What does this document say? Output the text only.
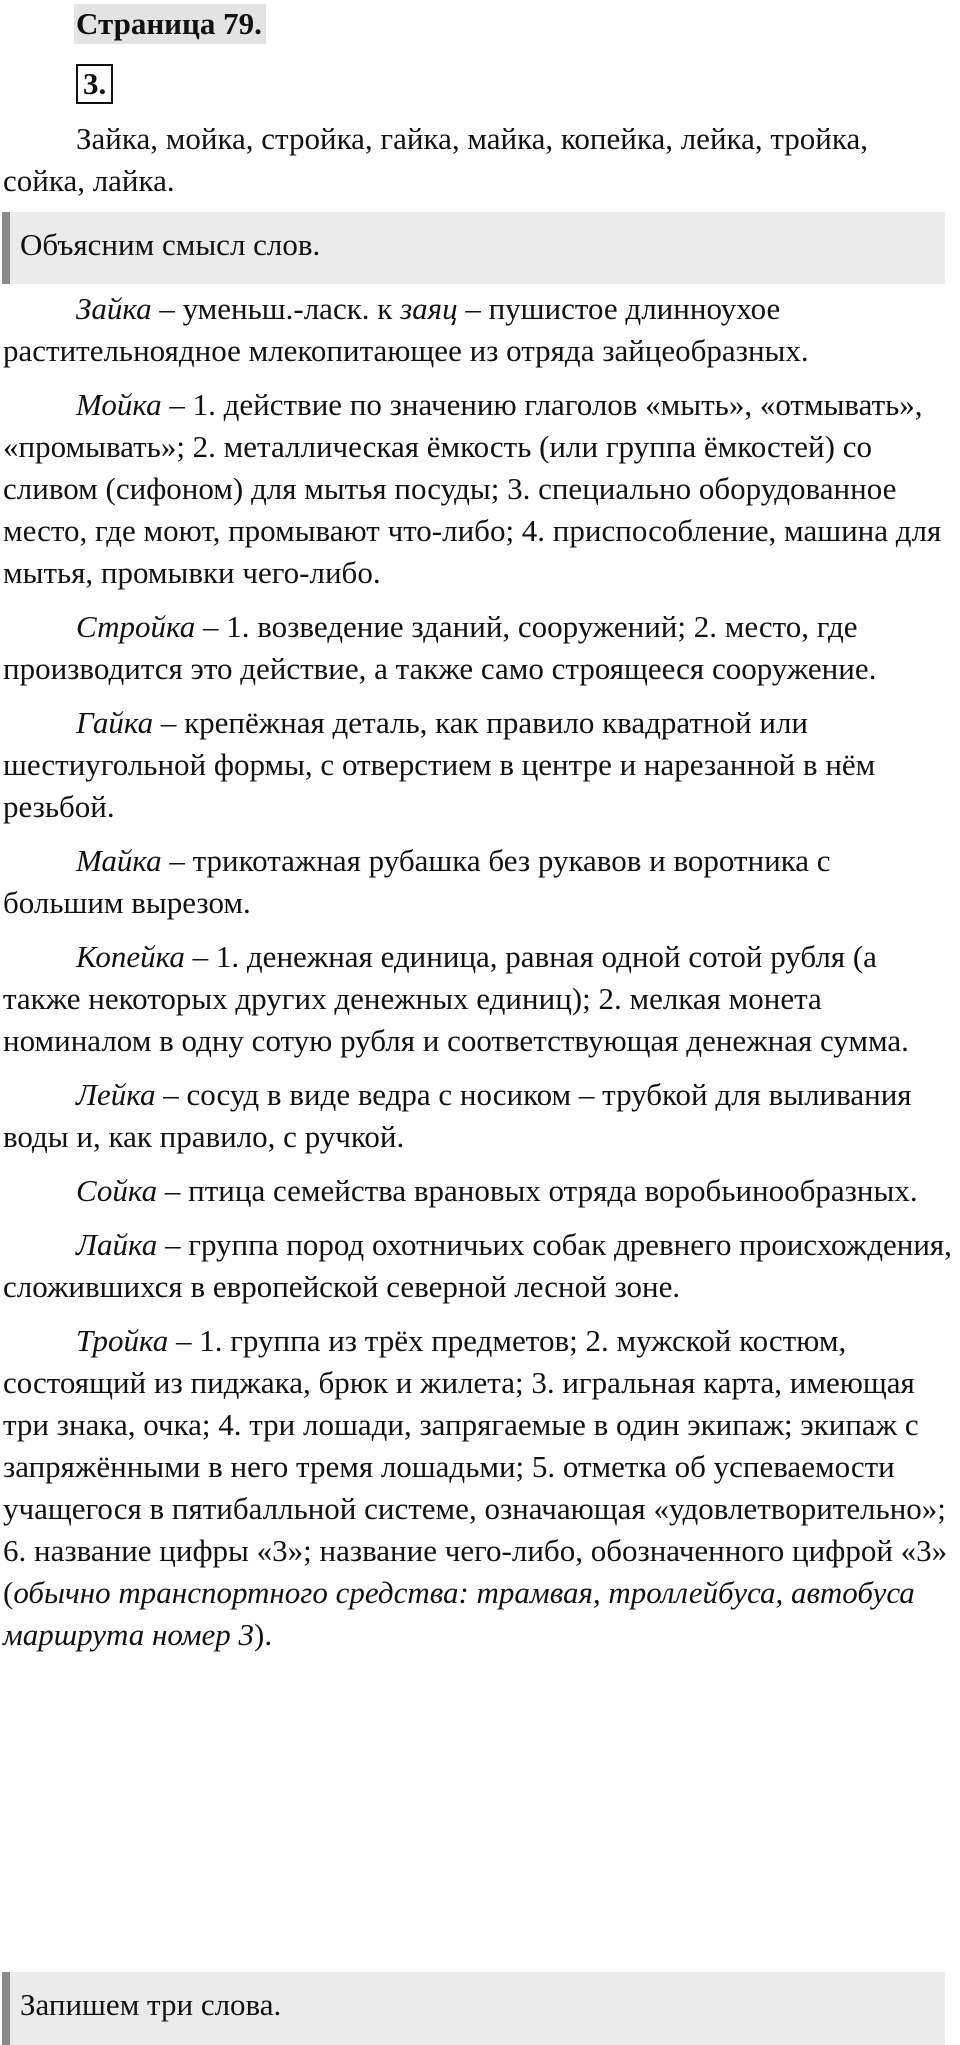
Страница 79.
3.

Зайка, мойка, стройка, гайка, майка, копейка, лейка, тройка, сойка, лайка.

Объясним смысл слов.

Зайка – уменьш.-ласк. к заяц – пушистое длинноухое растительноядное млекопитающее из отряда зайцеобразных.

Мойка – 1. действие по значению глаголов «мыть», «отмывать», «промывать»; 2. металлическая ёмкость (или группа ёмкостей) со сливом (сифоном) для мытья посуды; 3. специально оборудованное место, где моют, промывают что-либо; 4. приспособление, машина для мытья, промывки чего-либо.

Стройка – 1. возведение зданий, сооружений; 2. место, где производится это действие, а также само строящееся сооружение.

Гайка – крепёжная деталь, как правило квадратной или шестиугольной формы, с отверстием в центре и нарезанной в нём резьбой.

Майка – трикотажная рубашка без рукавов и воротника с большим вырезом.

Копейка – 1. денежная единица, равная одной сотой рубля (а также некоторых других денежных единиц); 2. мелкая монета номиналом в одну сотую рубля и соответствующая денежная сумма.

Лейка – сосуд в виде ведра с носиком – трубкой для выливания воды и, как правило, с ручкой.

Сойка – птица семейства врановых отряда воробьинообразных.

Лайка – группа пород охотничьих собак древнего происхождения, сложившихся в европейской северной лесной зоне.

Тройка – 1. группа из трёх предметов; 2. мужской костюм, состоящий из пиджака, брюк и жилета; 3. игральная карта, имеющая три знака, очка; 4. три лошади, запрягаемые в один экипаж; экипаж с запряжёнными в него тремя лошадьми; 5. отметка об успеваемости учащегося в пятибалльной системе, означающая «удовлетворительно»; 6. название цифры «3»; название чего-либо, обозначенного цифрой «3» (обычно транспортного средства: трамвая, троллейбуса, автобуса маршрута номер 3).

Запишем три слова.
